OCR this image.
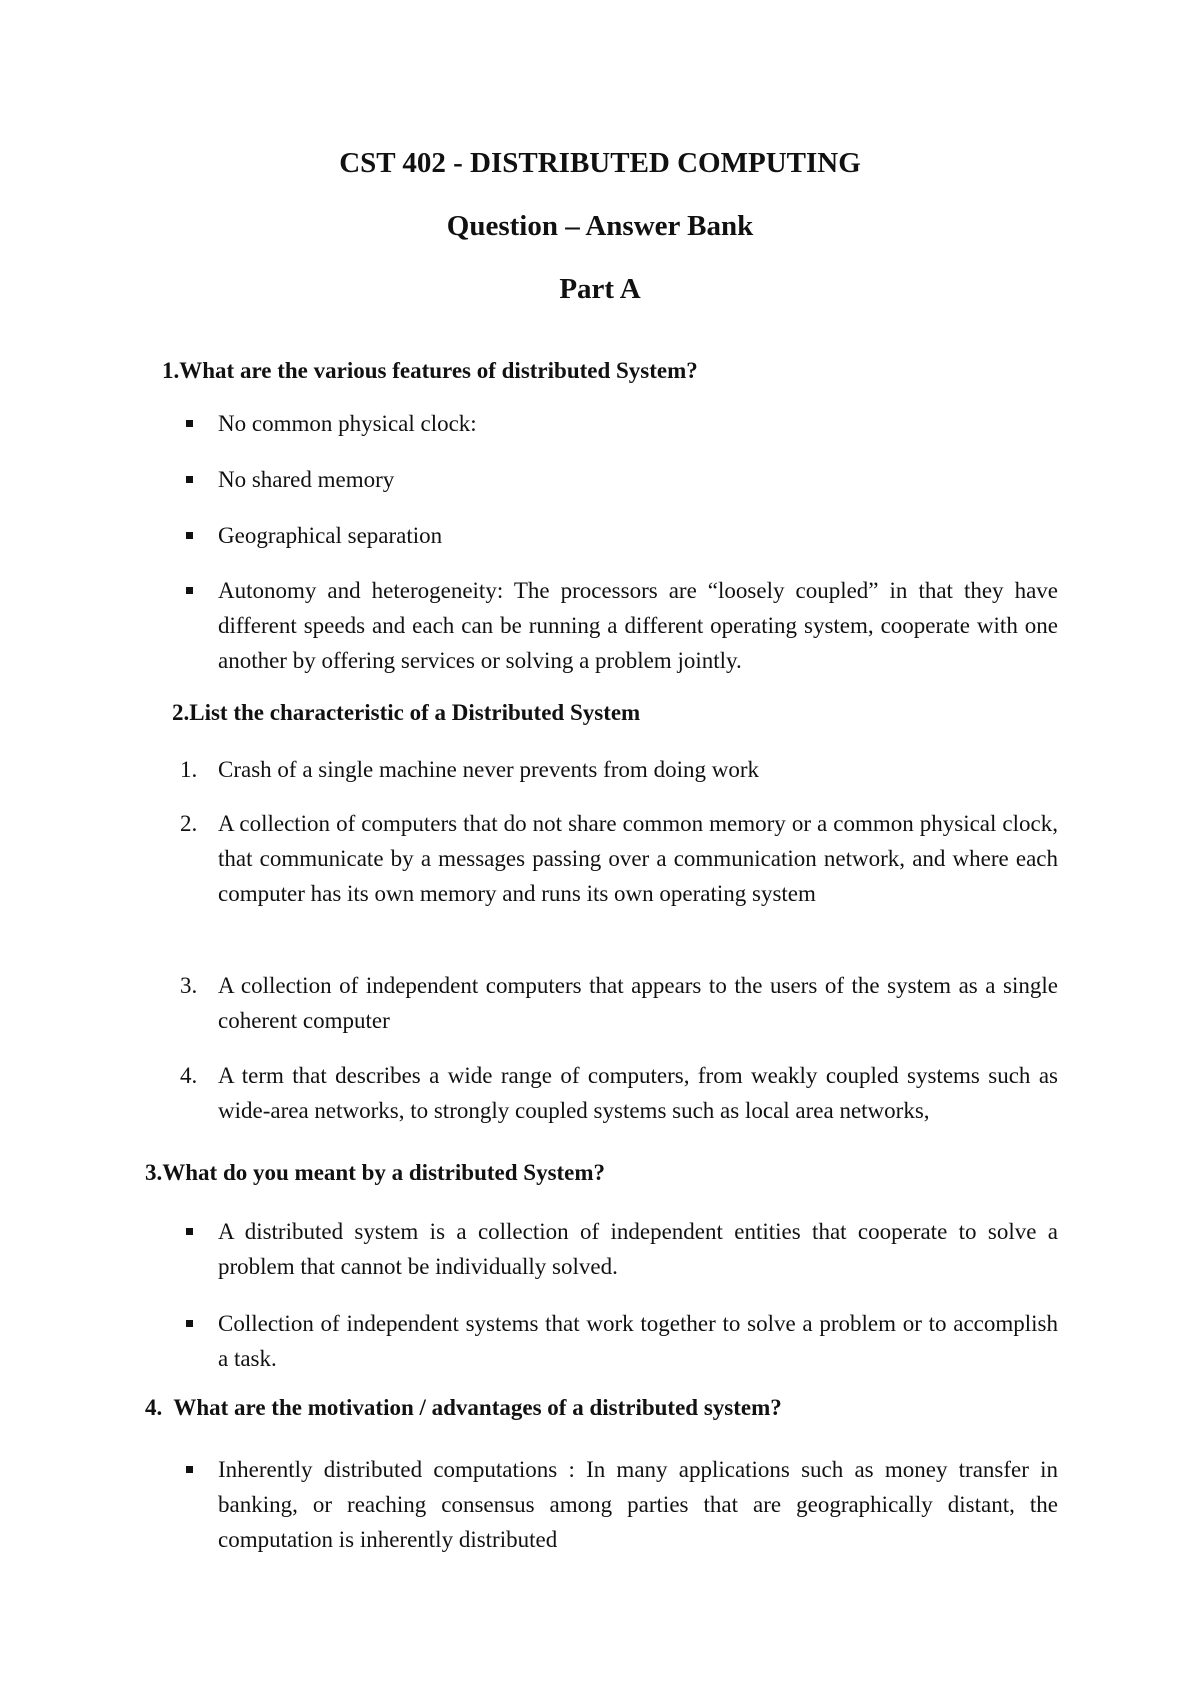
CST 402 - DISTRIBUTED COMPUTING
Question – Answer Bank
Part A

1.What are the various features of distributed System?

No common physical clock:

No shared memory

Geographical separation

Autonomy and heterogeneity: The processors are “loosely coupled” in that they have different speeds and each can be running a different operating system, cooperate with one another by offering services or solving a problem jointly.

2.List the characteristic of a Distributed System

1. Crash of a single machine never prevents from doing work

2. A collection of computers that do not share common memory or a common physical clock, that communicate by a messages passing over a communication network, and where each computer has its own memory and runs its own operating system

3. A collection of independent computers that appears to the users of the system as a single coherent computer

4. A term that describes a wide range of computers, from weakly coupled systems such as wide-area networks, to strongly coupled systems such as local area networks,

3.What do you meant by a distributed System?

A distributed system is a collection of independent entities that cooperate to solve a problem that cannot be individually solved.

Collection of independent systems that work together to solve a problem or to accomplish a task.

4.  What are the motivation / advantages of a distributed system?

Inherently distributed computations : In many applications such as money transfer in banking, or reaching consensus among parties that are geographically distant, the computation is inherently distributed
